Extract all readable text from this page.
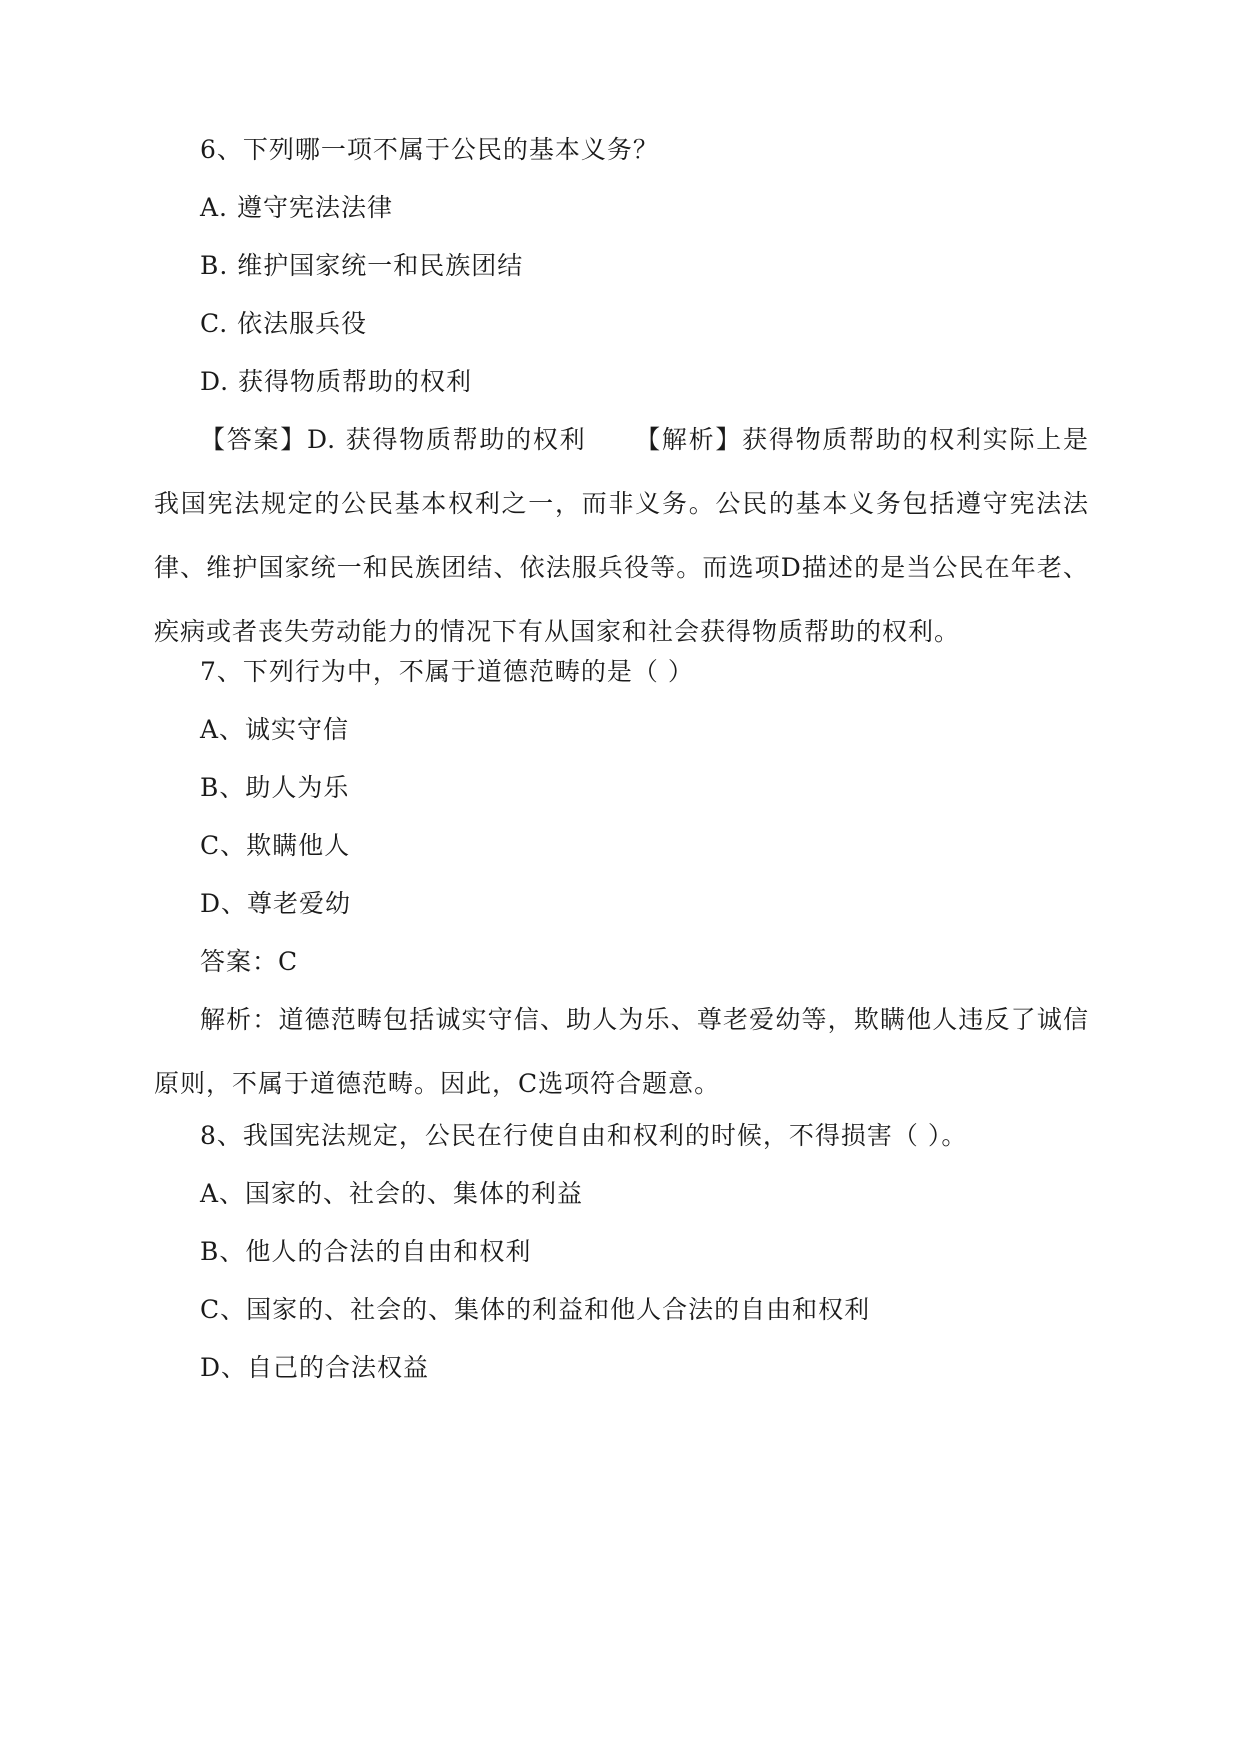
6、下列哪一项不属于公民的基本义务？
A. 遵守宪法法律
B. 维护国家统一和民族团结
C. 依法服兵役
D. 获得物质帮助的权利
【答案】D. 获得物质帮助的权利 【解析】获得物质帮助的权利实际上是我国宪法规定的公民基本权利之一，而非义务。公民的基本义务包括遵守宪法法律、维护国家统一和民族团结、依法服兵役等。而选项D描述的是当公民在年老、疾病或者丧失劳动能力的情况下有从国家和社会获得物质帮助的权利。
7、下列行为中，不属于道德范畴的是（ ）
A、诚实守信
B、助人为乐
C、欺瞒他人
D、尊老爱幼
答案：C
解析：道德范畴包括诚实守信、助人为乐、尊老爱幼等，欺瞒他人违反了诚信原则，不属于道德范畴。因此，C选项符合题意。
8、我国宪法规定，公民在行使自由和权利的时候，不得损害（ ）。
A、国家的、社会的、集体的利益
B、他人的合法的自由和权利
C、国家的、社会的、集体的利益和他人合法的自由和权利
D、自己的合法权益
